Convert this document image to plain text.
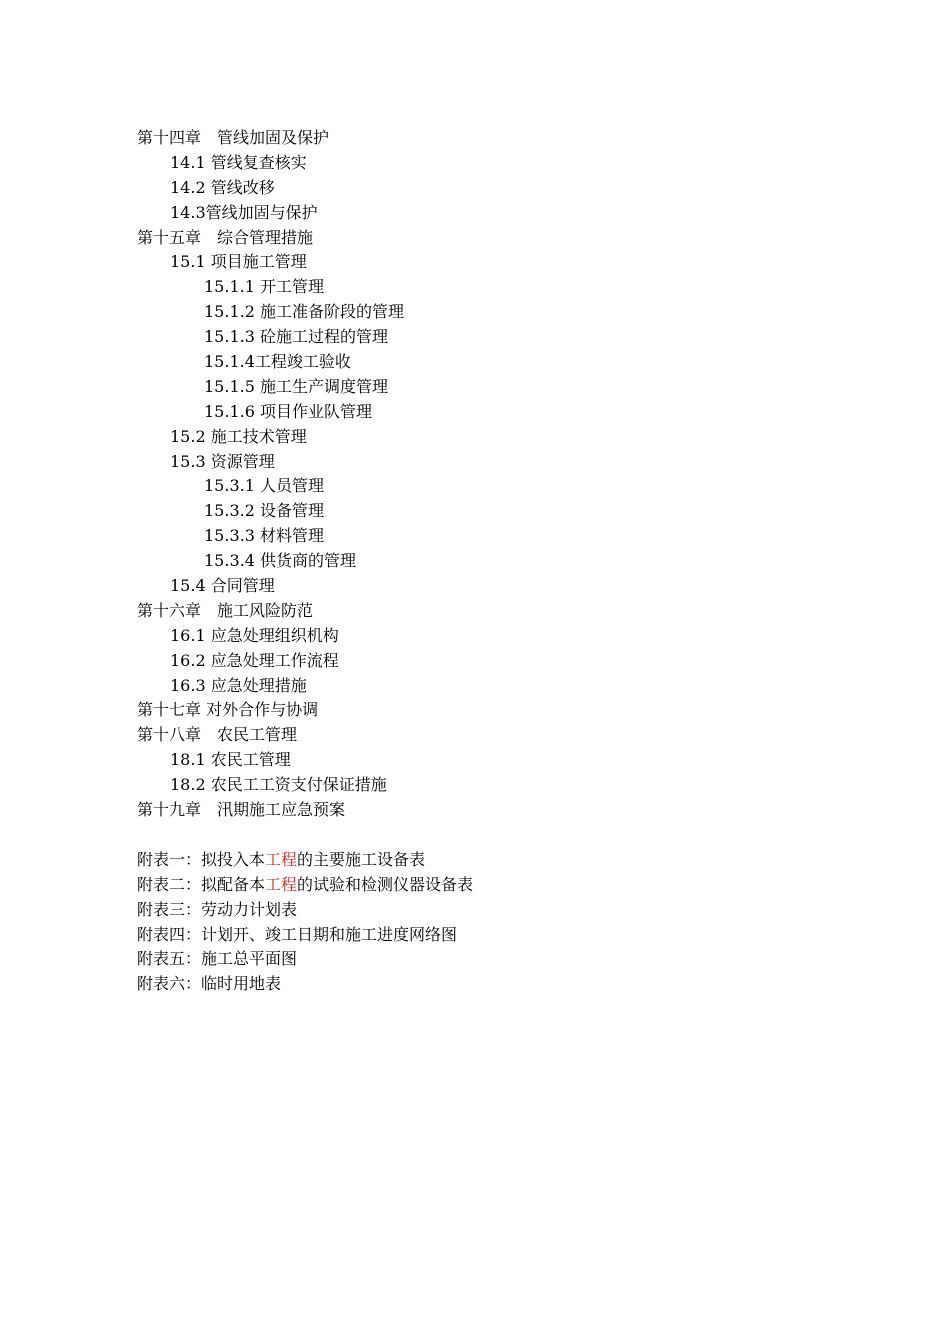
第十四章　管线加固及保护
14.1 管线复查核实
14.2 管线改移
14.3管线加固与保护
第十五章　综合管理措施
15.1 项目施工管理
15.1.1 开工管理
15.1.2 施工准备阶段的管理
15.1.3 砼施工过程的管理
15.1.4工程竣工验收
15.1.5 施工生产调度管理
15.1.6 项目作业队管理
15.2 施工技术管理
15.3 资源管理
15.3.1 人员管理
15.3.2 设备管理
15.3.3 材料管理
15.3.4 供货商的管理
15.4 合同管理
第十六章　施工风险防范
16.1 应急处理组织机构
16.2 应急处理工作流程
16.3 应急处理措施
第十七章 对外合作与协调
第十八章　农民工管理
18.1 农民工管理
18.2 农民工工资支付保证措施
第十九章　汛期施工应急预案
附表一：拟投入本工程的主要施工设备表
附表二：拟配备本工程的试验和检测仪器设备表
附表三：劳动力计划表
附表四：计划开、竣工日期和施工进度网络图
附表五：施工总平面图
附表六：临时用地表
